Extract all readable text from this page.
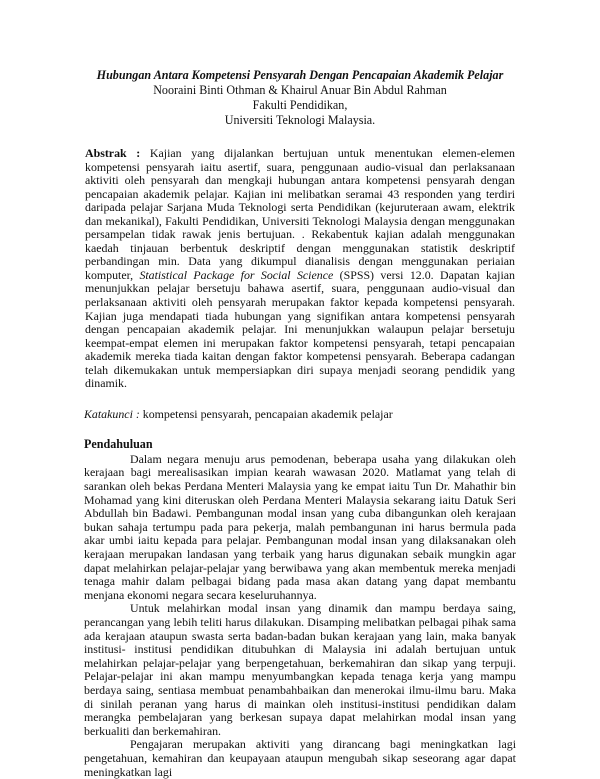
Hubungan Antara Kompetensi Pensyarah Dengan Pencapaian Akademik Pelajar
Nooraini Binti Othman & Khairul Anuar Bin Abdul Rahman
Fakulti Pendidikan,
Universiti Teknologi Malaysia.
Abstrak : Kajian yang dijalankan bertujuan untuk menentukan elemen-elemen kompetensi pensyarah iaitu asertif, suara, penggunaan audio-visual dan perlaksanaan aktiviti oleh pensyarah dan mengkaji hubungan antara kompetensi pensyarah dengan pencapaian akademik pelajar. Kajian ini melibatkan seramai 43 responden yang terdiri daripada pelajar Sarjana Muda Teknologi serta Pendidikan (kejuruteraan awam, elektrik dan mekanikal), Fakulti Pendidikan, Universiti Teknologi Malaysia dengan menggunakan persampelan tidak rawak jenis bertujuan. . Rekabentuk kajian adalah menggunakan kaedah tinjauan berbentuk deskriptif dengan menggunakan statistik deskriptif perbandingan min. Data yang dikumpul dianalisis dengan menggunakan periaian komputer, Statistical Package for Social Science (SPSS) versi 12.0. Dapatan kajian menunjukkan pelajar bersetuju bahawa asertif, suara, penggunaan audio-visual dan perlaksanaan aktiviti oleh pensyarah merupakan faktor kepada kompetensi pensyarah. Kajian juga mendapati tiada hubungan yang signifikan antara kompetensi pensyarah dengan pencapaian akademik pelajar. Ini menunjukkan walaupun pelajar bersetuju keempat-empat elemen ini merupakan faktor kompetensi pensyarah, tetapi pencapaian akademik mereka tiada kaitan dengan faktor kompetensi pensyarah. Beberapa cadangan telah dikemukakan untuk mempersiapkan diri supaya menjadi seorang pendidik yang dinamik.
Katakunci : kompetensi pensyarah, pencapaian akademik pelajar
Pendahuluan

Dalam negara menuju arus pemodenan, beberapa usaha yang dilakukan oleh kerajaan bagi merealisasikan impian kearah wawasan 2020. Matlamat yang telah di sarankan oleh bekas Perdana Menteri Malaysia yang ke empat iaitu Tun Dr. Mahathir bin Mohamad yang kini diteruskan oleh Perdana Menteri Malaysia sekarang iaitu Datuk Seri Abdullah bin Badawi. Pembangunan modal insan yang cuba dibangunkan oleh kerajaan bukan sahaja tertumpu pada para pekerja, malah pembangunan ini harus bermula pada akar umbi iaitu kepada para pelajar. Pembangunan modal insan yang dilaksanakan oleh kerajaan merupakan landasan yang terbaik yang harus digunakan sebaik mungkin agar dapat melahirkan pelajar-pelajar yang berwibawa yang akan membentuk mereka menjadi tenaga mahir dalam pelbagai bidang pada masa akan datang yang dapat membantu menjana ekonomi negara secara keseluruhannya.

Untuk melahirkan modal insan yang dinamik dan mampu berdaya saing, perancangan yang lebih teliti harus dilakukan. Disamping melibatkan pelbagai pihak sama ada kerajaan ataupun swasta serta badan-badan bukan kerajaan yang lain, maka banyak institusi- institusi pendidikan ditubuhkan di Malaysia ini adalah bertujuan untuk melahirkan pelajar-pelajar yang berpengetahuan, berkemahiran dan sikap yang terpuji. Pelajar-pelajar ini akan mampu menyumbangkan kepada tenaga kerja yang mampu berdaya saing, sentiasa membuat penambahbaikan dan menerokai ilmu-ilmu baru. Maka di sinilah peranan yang harus di mainkan oleh institusi-institusi pendidikan dalam merangka pembelajaran yang berkesan supaya dapat melahirkan modal insan yang berkualiti dan berkemahiran.

Pengajaran merupakan aktiviti yang dirancang bagi meningkatkan lagi pengetahuan, kemahiran dan keupayaan ataupun mengubah sikap seseorang agar dapat meningkatkan lagi
